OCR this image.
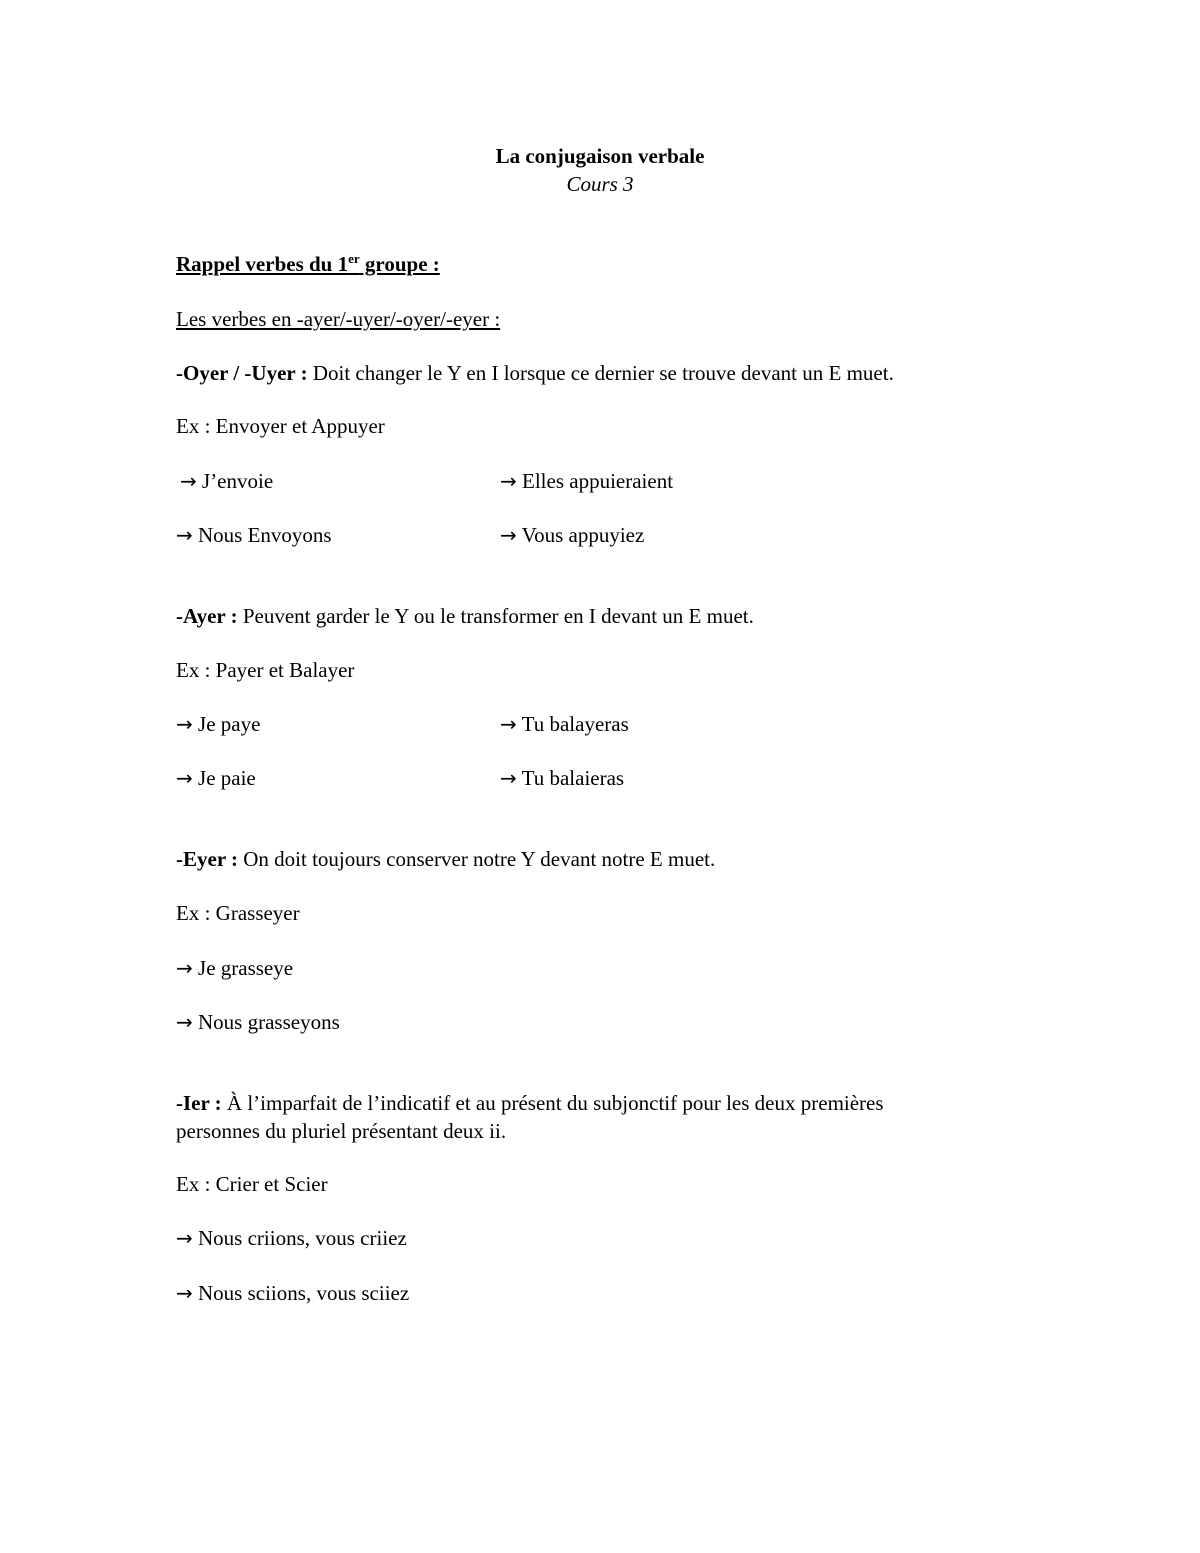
La conjugaison verbale
Cours 3
Rappel verbes du 1er groupe :
Les verbes en -ayer/-uyer/-oyer/-eyer :
-Oyer / -Uyer : Doit changer le Y en I lorsque ce dernier se trouve devant un E muet.
Ex : Envoyer et Appuyer
→ J’envoie	→ Elles appuieraient
→ Nous Envoyons	→ Vous appuyiez
-Ayer : Peuvent garder le Y ou le transformer en I devant un E muet.
Ex : Payer et Balayer
→ Je paye	→ Tu balayeras
→ Je paie	→ Tu balaieras
-Eyer : On doit toujours conserver notre Y devant notre E muet.
Ex : Grasseyer
→ Je grasseye
→ Nous grasseyons
-Ier : À l’imparfait de l’indicatif et au présent du subjonctif pour les deux premières
personnes du pluriel présentant deux ii.
Ex : Crier et Scier
→ Nous criions, vous criiez
→ Nous sciions, vous sciiez
